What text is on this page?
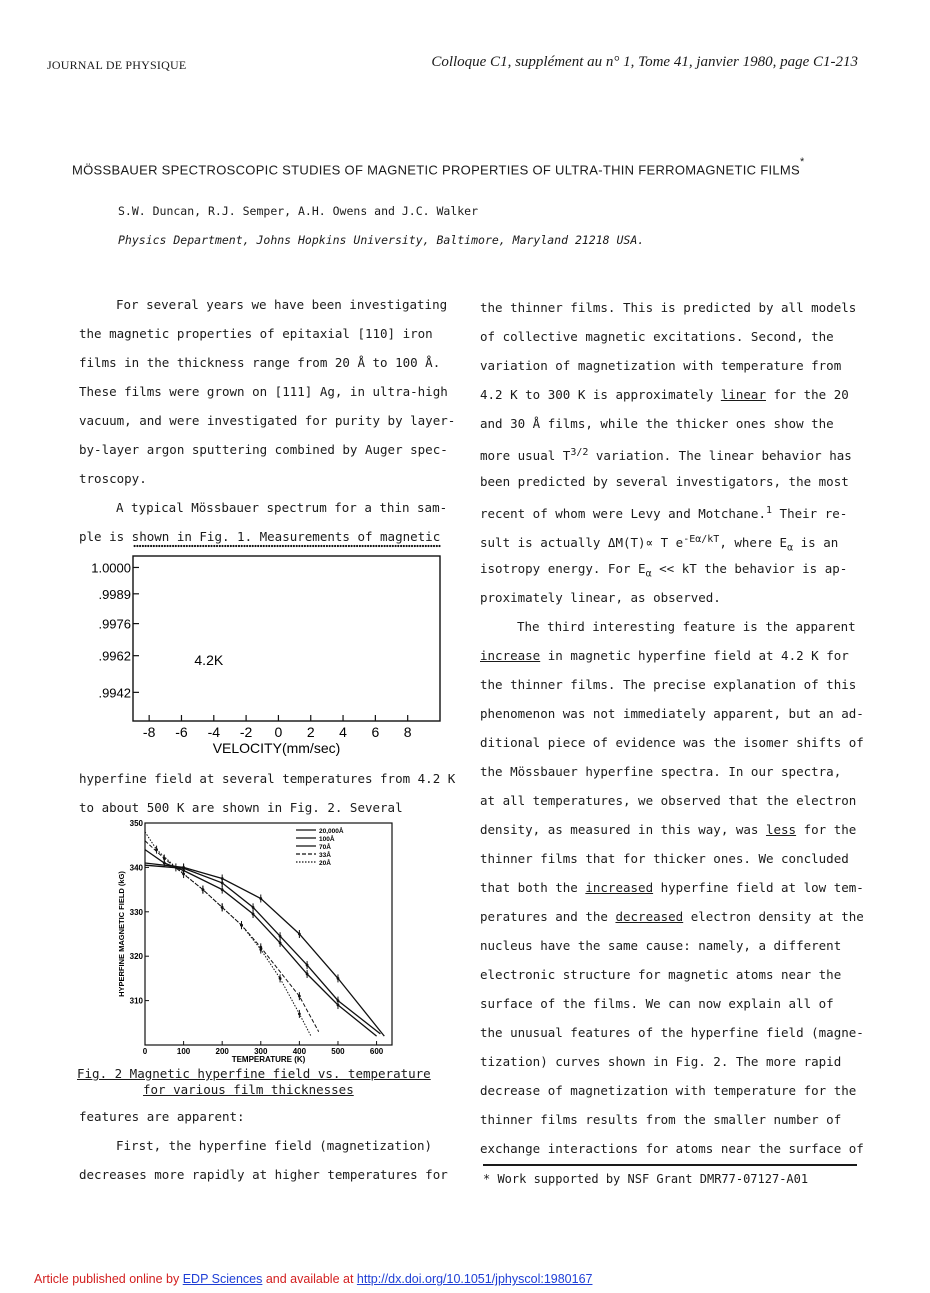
JOURNAL DE PHYSIQUE	Colloque C1, supplément au n° 1, Tome 41, janvier 1980, page C1-213
MÖSSBAUER SPECTROSCOPIC STUDIES OF MAGNETIC PROPERTIES OF ULTRA-THIN FERROMAGNETIC FILMS*
S.W. Duncan, R.J. Semper, A.H. Owens and J.C. Walker
Physics Department, Johns Hopkins University, Baltimore, Maryland 21218 USA.
For several years we have been investigating
the magnetic properties of epitaxial [110] iron
films in the thickness range from 20 Å to 100 Å.
These films were grown on [111] Ag, in ultra-high
vacuum, and were investigated for purity by layer-
by-layer argon sputtering combined by Auger spec-
troscopy.
A typical Mössbauer spectrum for a thin sam-
ple is shown in Fig. 1. Measurements of magnetic
1.0000
.9989
.9976
.9962
.9942
-8 -6 -4 -2 0 2 4 6 8
VELOCITY(mm/sec)
4.2K
hyperfine field at several temperatures from 4.2 K
to about 500 K are shown in Fig. 2. Several
310
320
330
340
350
0	100	200	300	400	500	600
TEMPERATURE (K)
HYPERFINE MAGNETIC FIELD (kG)
20,000Å
100Å
70Å
33Å
20Å
Fig. 2 Magnetic hyperfine field vs. temperature
for various film thicknesses
features are apparent:
First, the hyperfine field (magnetization)
decreases more rapidly at higher temperatures for
the thinner films. This is predicted by all models
of collective magnetic excitations. Second, the
variation of magnetization with temperature from
4.2 K to 300 K is approximately linear for the 20
and 30 Å films, while the thicker ones show the
more usual $T^{3/2}$ variation. The linear behavior has
been predicted by several investigators, the most
recent of whom were Levy and Motchane.$^1$ Their re-
sult is actually ΔM(T)∝ T $e^{-E\alpha/kT}$, where $E_\alpha$ is an
isotropy energy. For $E_\alpha$ << kT the behavior is ap-
proximately linear, as observed.
The third interesting feature is the apparent
increase in magnetic hyperfine field at 4.2 K for
the thinner films. The precise explanation of this
phenomenon was not immediately apparent, but an ad-
ditional piece of evidence was the isomer shifts of
the Mössbauer hyperfine spectra. In our spectra,
at all temperatures, we observed that the electron
density, as measured in this way, was less for the
thinner films that for thicker ones. We concluded
that both the increased hyperfine field at low tem-
peratures and the decreased electron density at the
nucleus have the same cause: namely, a different
electronic structure for magnetic atoms near the
surface of the films. We can now explain all of
the unusual features of the hyperfine field (magne-
tization) curves shown in Fig. 2. The more rapid
decrease of magnetization with temperature for the
thinner films results from the smaller number of
exchange interactions for atoms near the surface of
* Work supported by NSF Grant DMR77-07127-A01
Article published online by EDP Sciences and available at http://dx.doi.org/10.1051/jphyscol:1980167
